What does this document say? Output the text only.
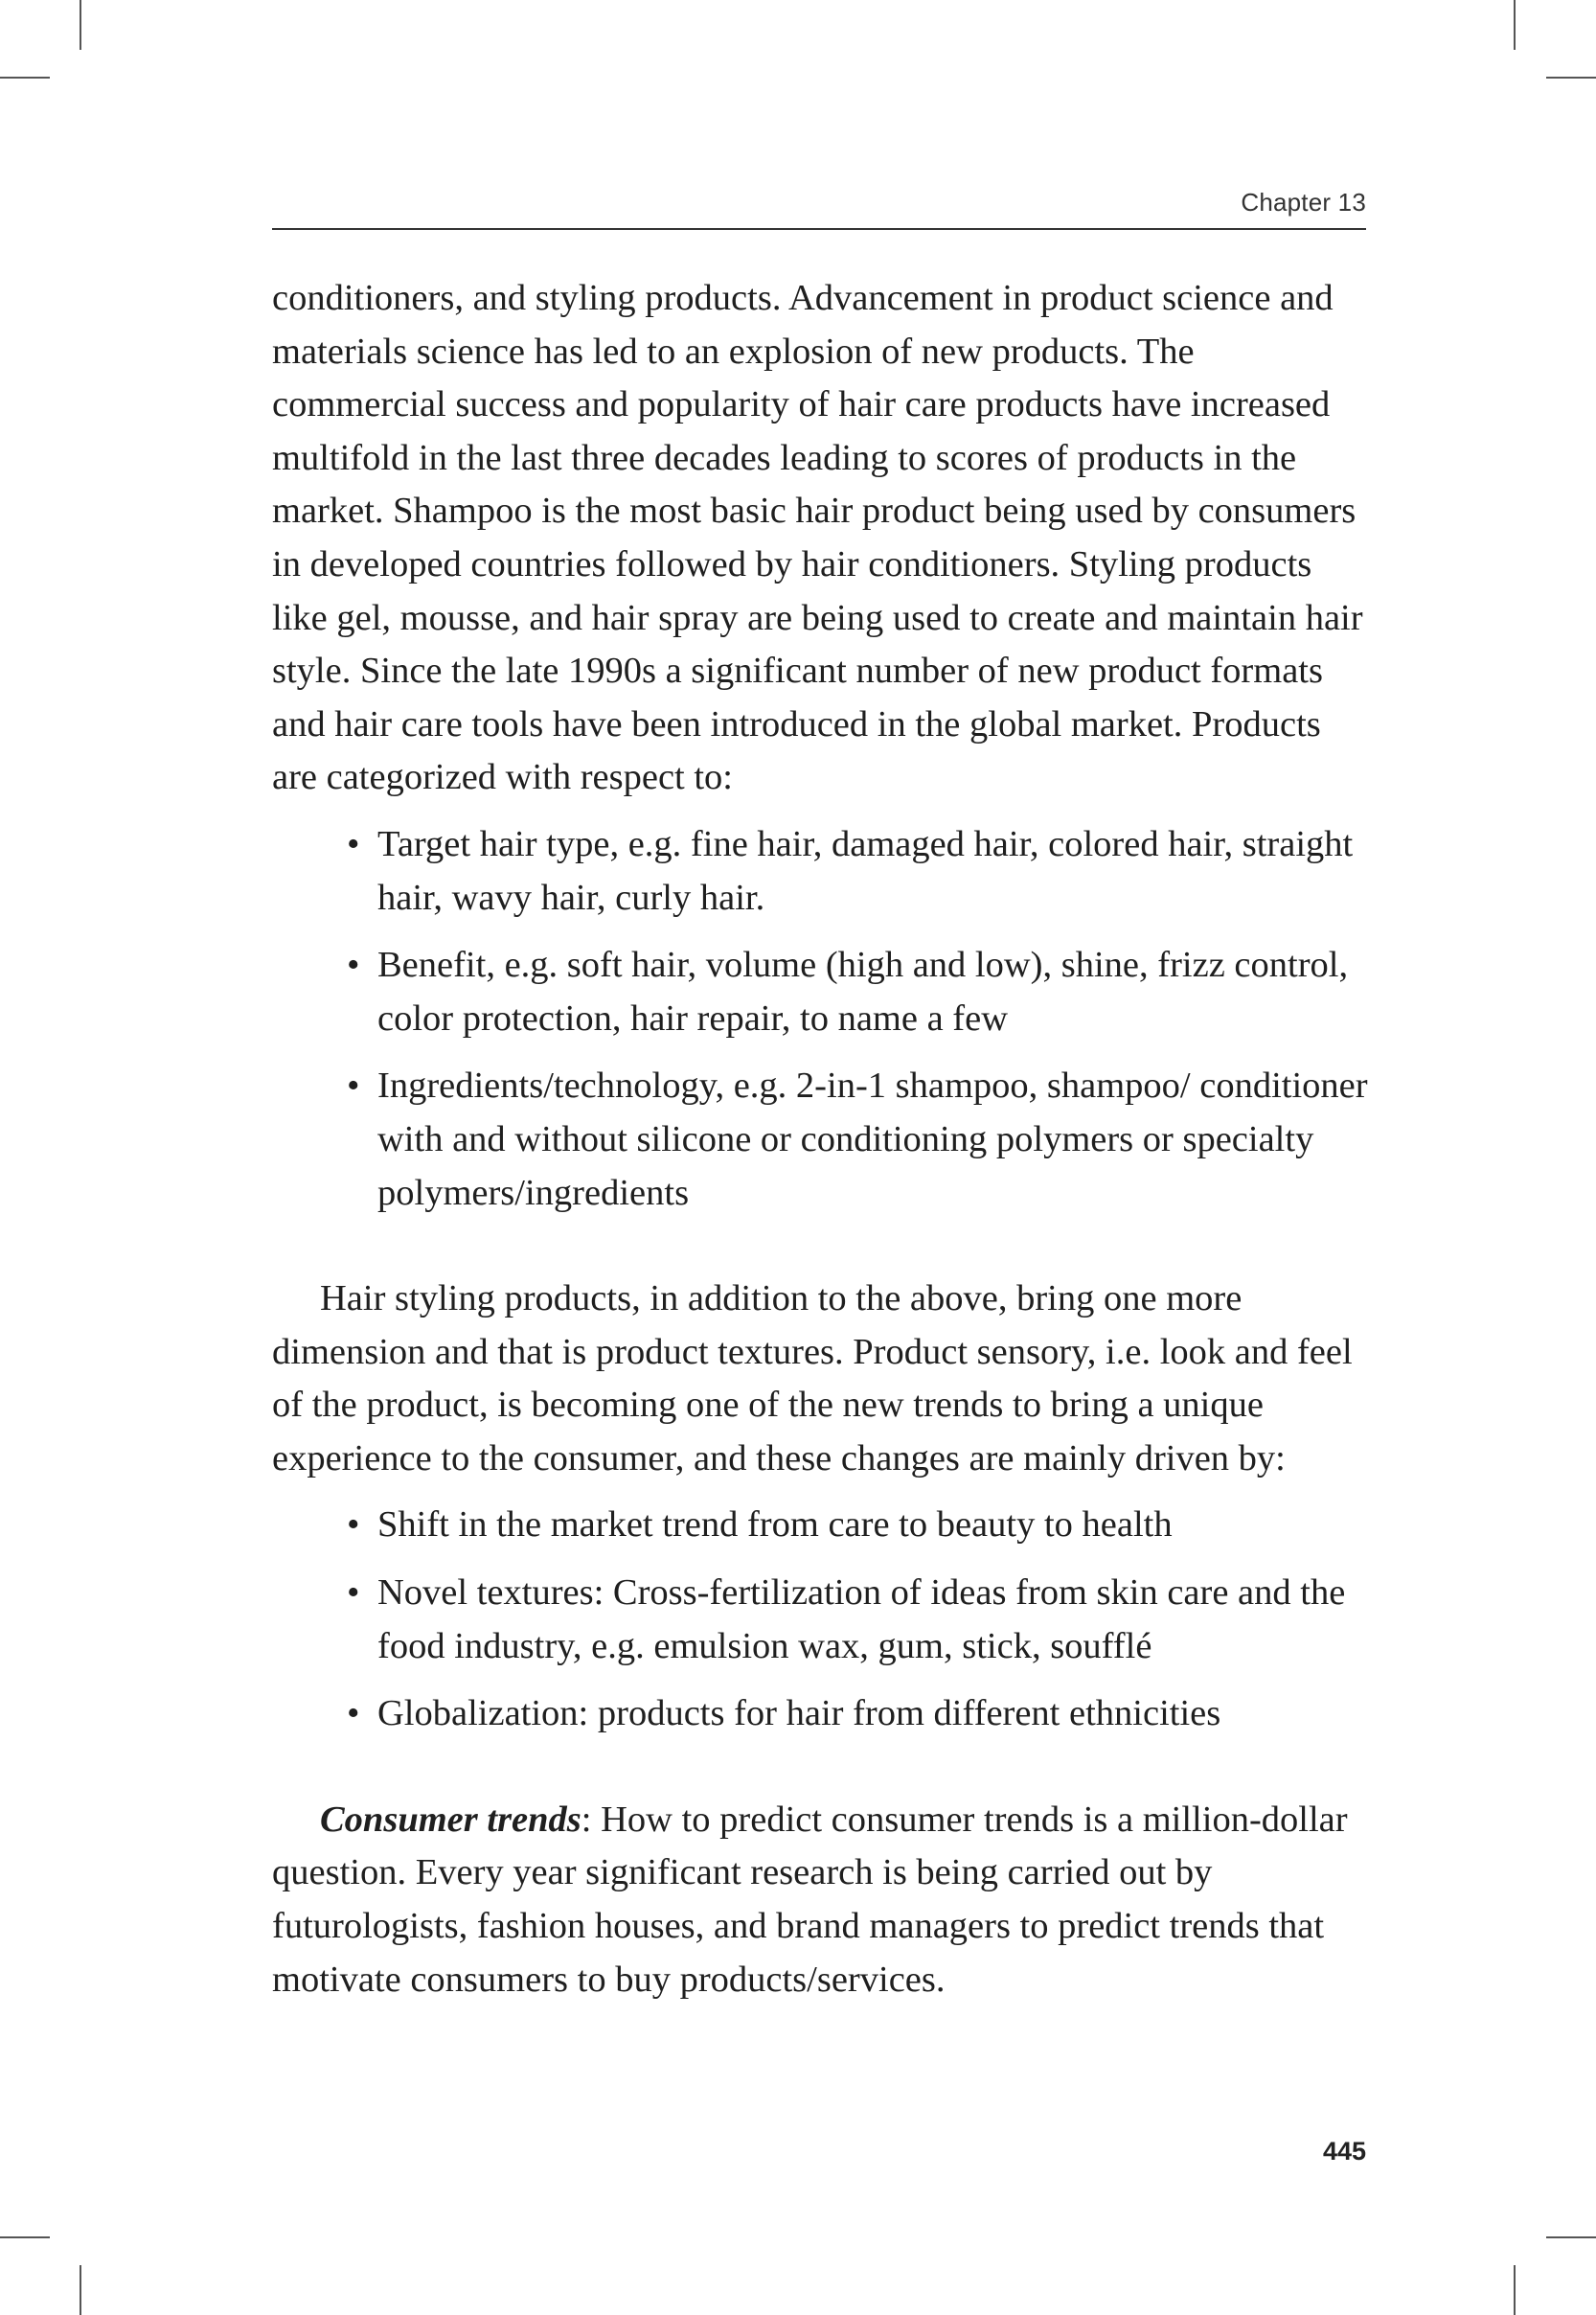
Chapter 13

conditioners, and styling products. Advancement in product science and materials science has led to an explosion of new products. The commercial success and popularity of hair care products have increased multifold in the last three decades leading to scores of products in the market. Shampoo is the most basic hair product being used by consumers in developed countries followed by hair conditioners. Styling products like gel, mousse, and hair spray are being used to create and maintain hair style. Since the late 1990s a significant number of new product formats and hair care tools have been introduced in the global market. Products are categorized with respect to:

• Target hair type, e.g. fine hair, damaged hair, colored hair, straight hair, wavy hair, curly hair.
• Benefit, e.g. soft hair, volume (high and low), shine, frizz control, color protection, hair repair, to name a few
• Ingredients/technology, e.g. 2-in-1 shampoo, shampoo/ conditioner with and without silicone or conditioning polymers or specialty polymers/ingredients

Hair styling products, in addition to the above, bring one more dimension and that is product textures. Product sensory, i.e. look and feel of the product, is becoming one of the new trends to bring a unique experience to the consumer, and these changes are mainly driven by:

• Shift in the market trend from care to beauty to health
• Novel textures: Cross-fertilization of ideas from skin care and the food industry, e.g. emulsion wax, gum, stick, soufflé
• Globalization: products for hair from different ethnicities

Consumer trends: How to predict consumer trends is a million-dollar question. Every year significant research is being carried out by futurologists, fashion houses, and brand managers to predict trends that motivate consumers to buy products/services.

445
